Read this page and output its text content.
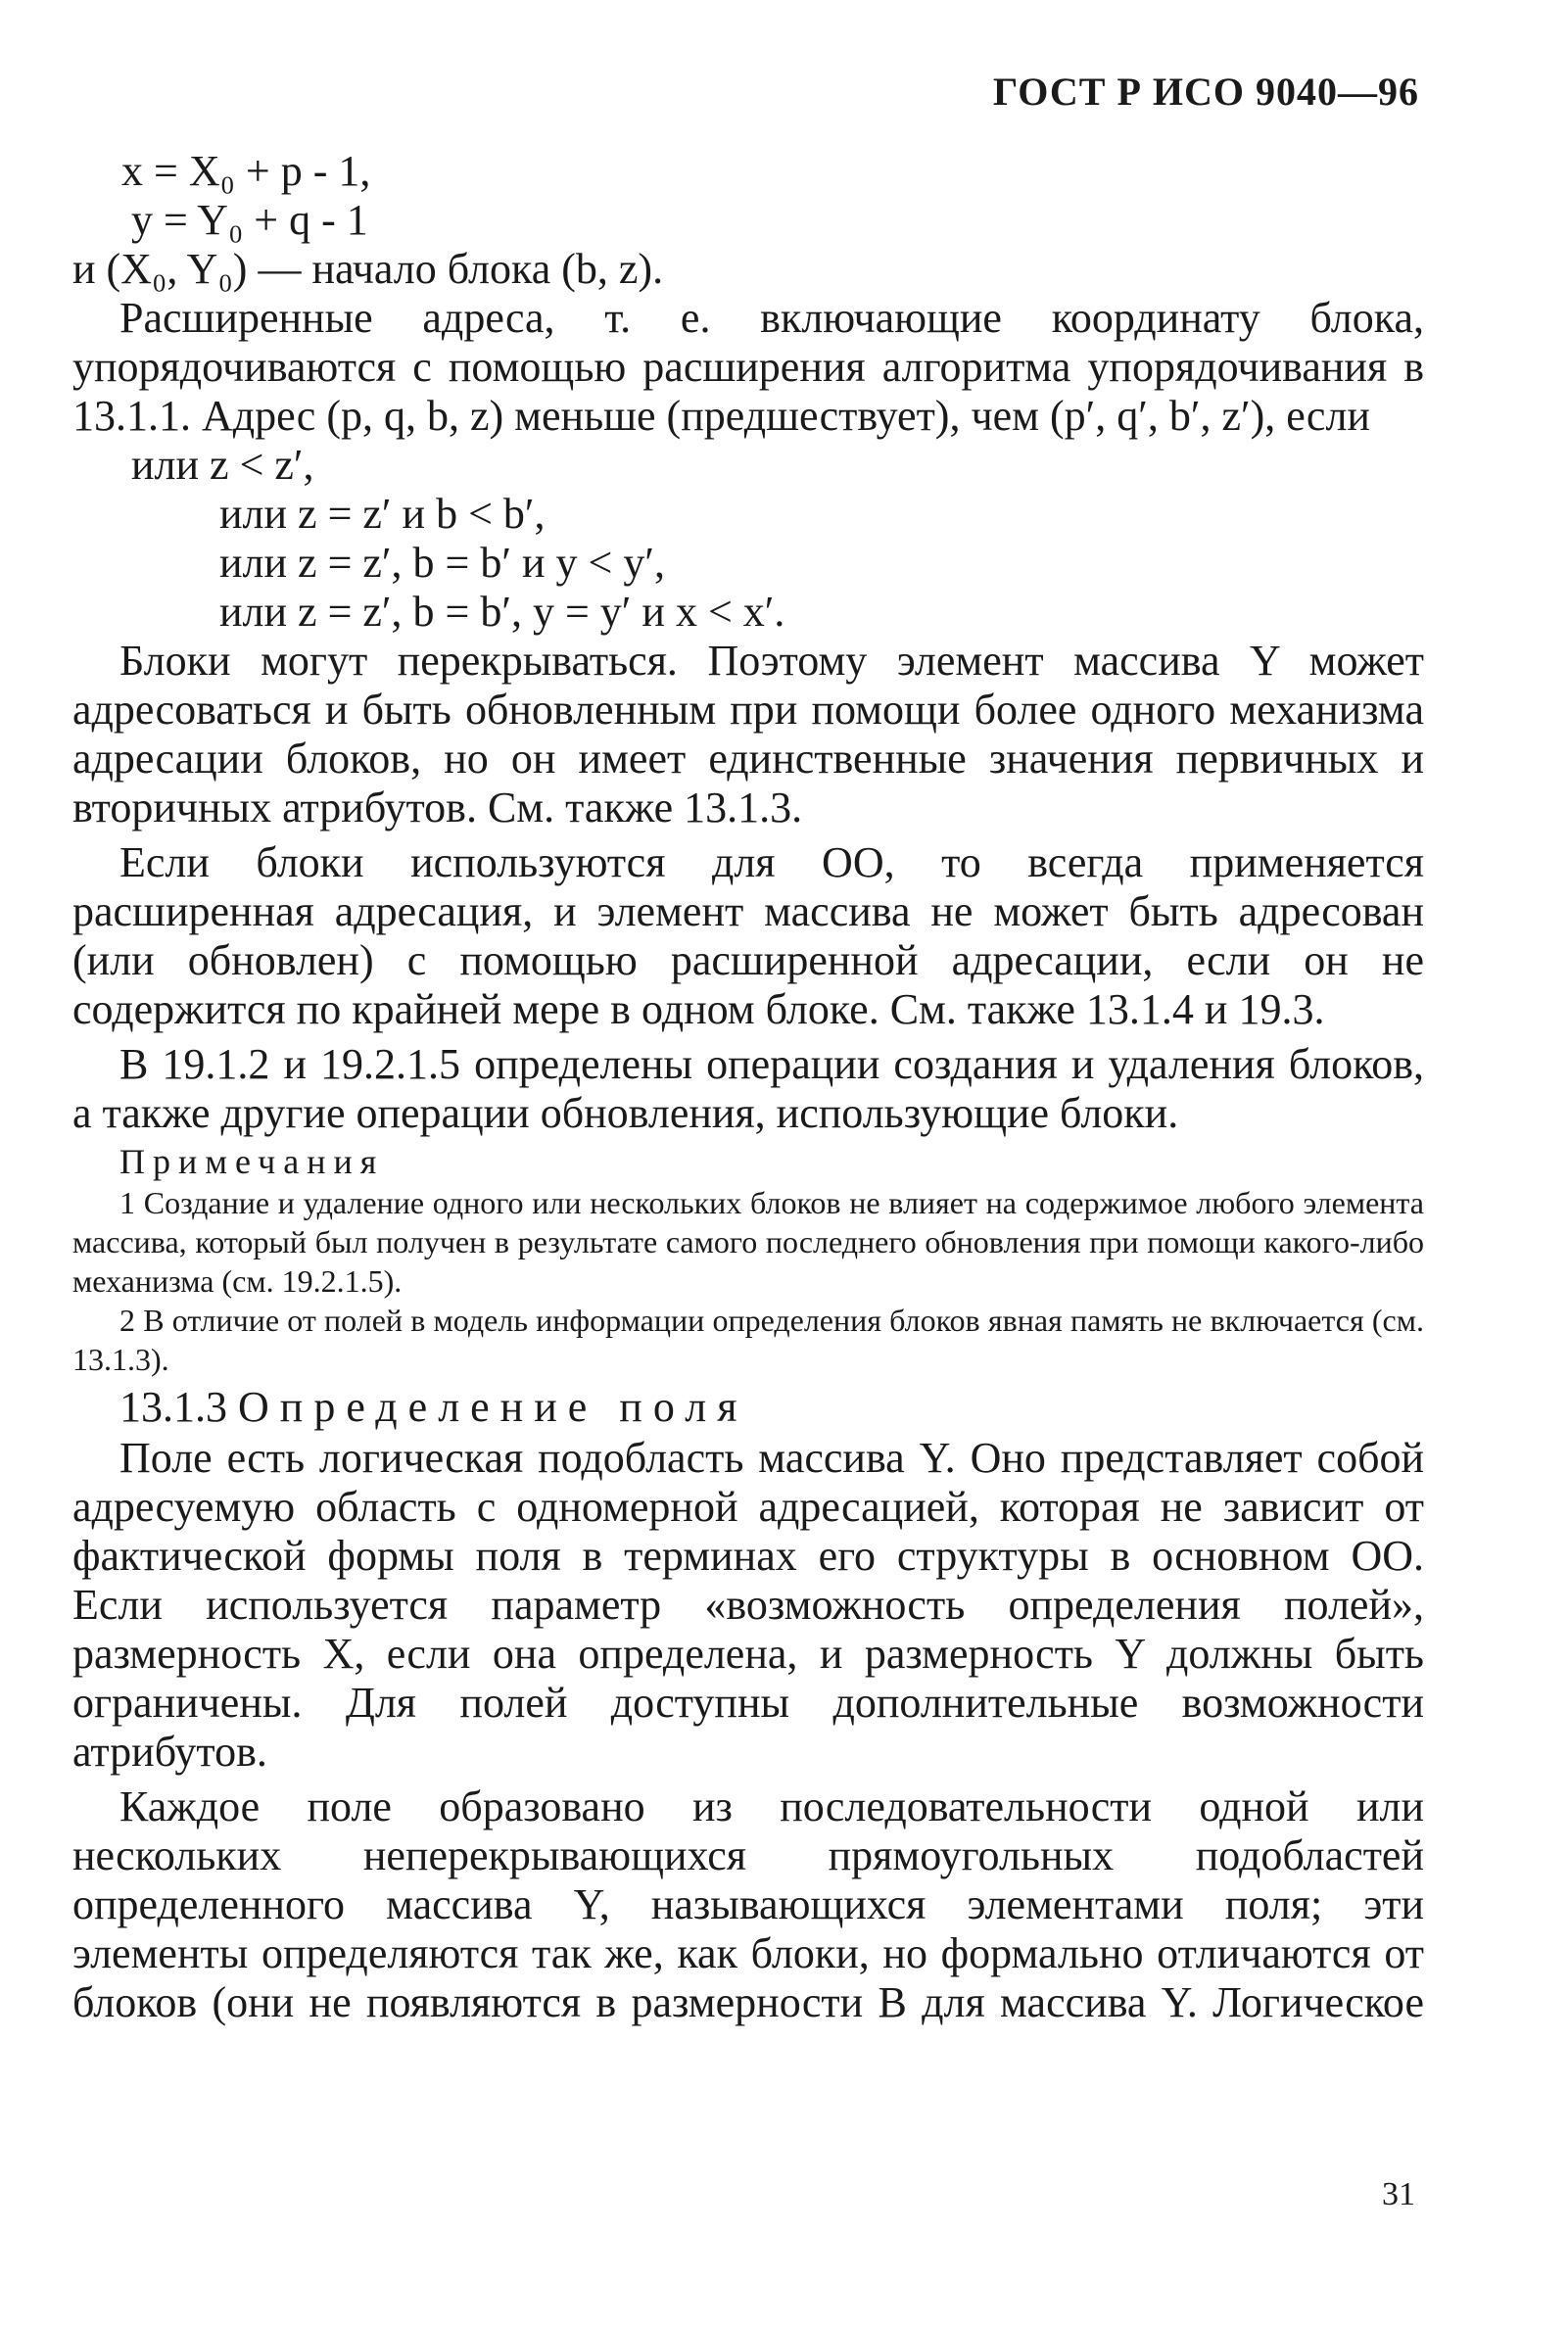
ГОСТ Р ИСО 9040—96

x = X₀ + p - 1,

y = Y₀ + q - 1

и (X₀, Y₀) — начало блока (b, z).

Расширенные адреса, т. е. включающие координату блока, упорядочиваются с помощью расширения алгоритма упорядочивания в 13.1.1. Адрес (p, q, b, z) меньше (предшествует), чем (p′, q′, b′, z′), если

или z < z′,

или z = z′ и b < b′,

или z = z′, b = b′ и y < y′,

или z = z′, b = b′, y = y′ и x < x′.

Блоки могут перекрываться. Поэтому элемент массива Y может адресоваться и быть обновленным при помощи более одного механизма адресации блоков, но он имеет единственные значения первичных и вторичных атрибутов. См. также 13.1.3.

Если блоки используются для ОО, то всегда применяется расширенная адресация, и элемент массива не может быть адресован (или обновлен) с помощью расширенной адресации, если он не содержится по крайней мере в одном блоке. См. также 13.1.4 и 19.3.

В 19.1.2 и 19.2.1.5 определены операции создания и удаления блоков, а также другие операции обновления, использующие блоки.

Примечания

1 Создание и удаление одного или нескольких блоков не влияет на содержимое любого элемента массива, который был получен в результате самого последнего обновления при помощи какого-либо механизма (см. 19.2.1.5).

2 В отличие от полей в модель информации определения блоков явная память не включается (см. 13.1.3).

13.1.3 Определение поля

Поле есть логическая подобласть массива Y. Оно представляет собой адресуемую область с одномерной адресацией, которая не зависит от фактической формы поля в терминах его структуры в основном ОО. Если используется параметр «возможность определения полей», размерность X, если она определена, и размерность Y должны быть ограничены. Для полей доступны дополнительные возможности атрибутов.

Каждое поле образовано из последовательности одной или нескольких неперекрывающихся прямоугольных подобластей определенного массива Y, называющихся элементами поля; эти элементы определяются так же, как блоки, но формально отличаются от блоков (они не появляются в размерности B для массива Y. Логическое

31
